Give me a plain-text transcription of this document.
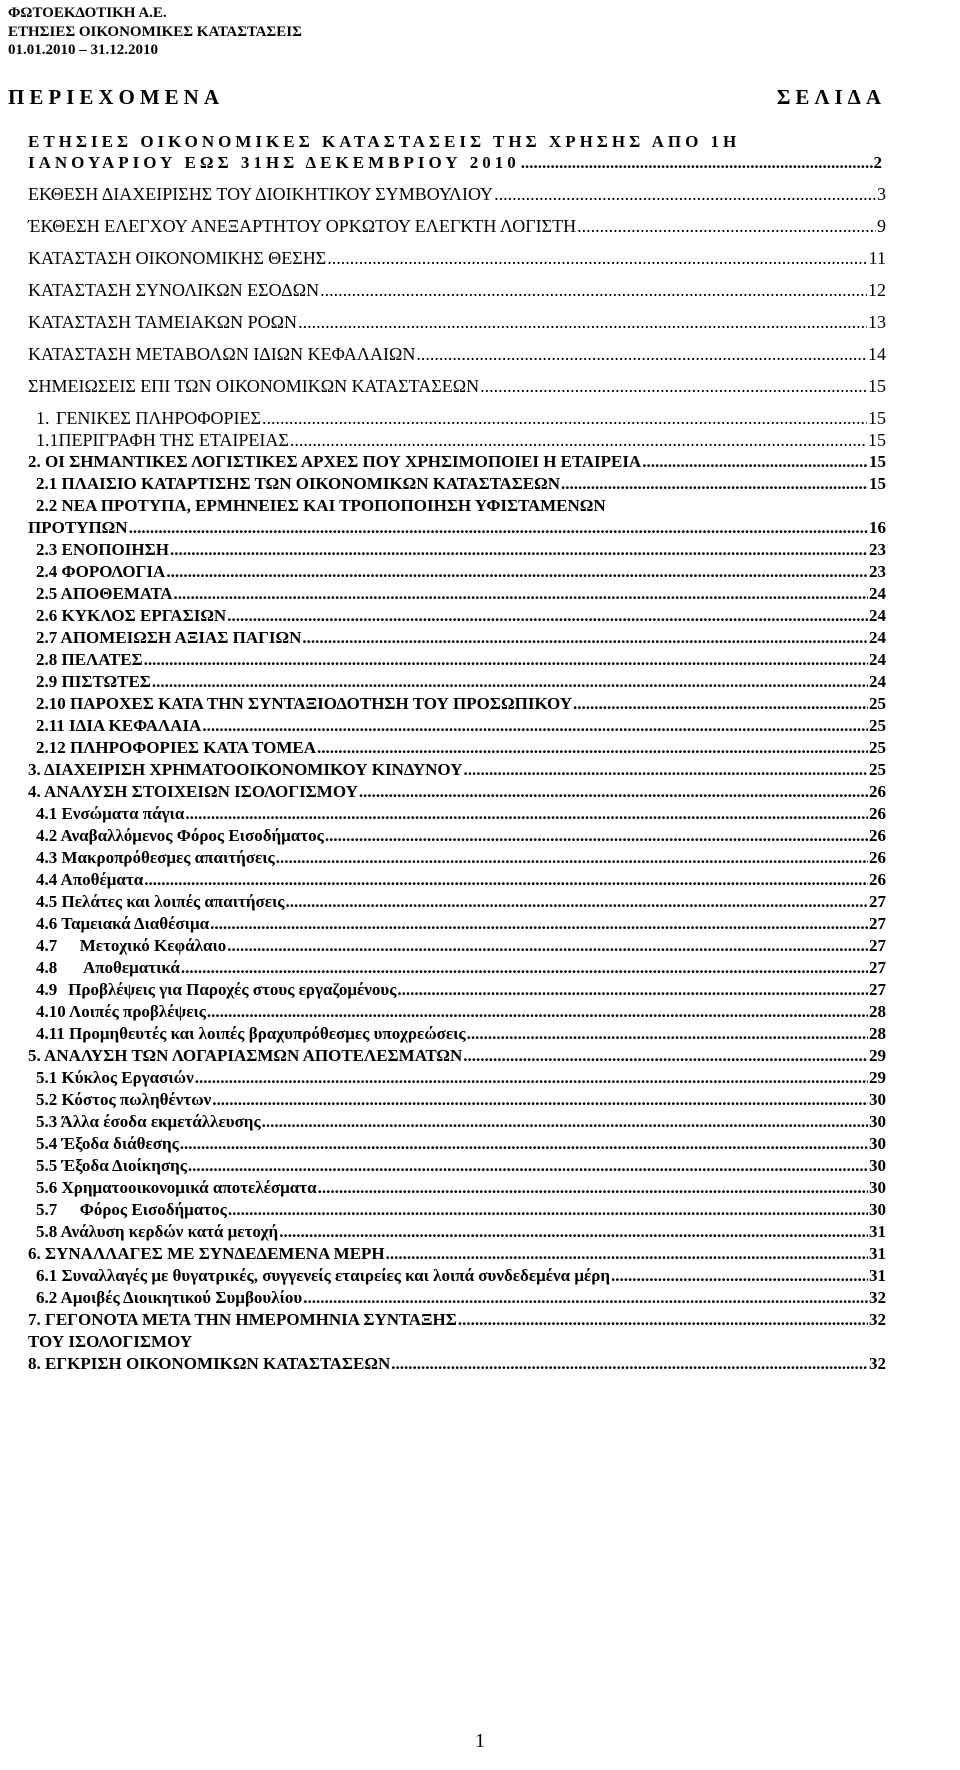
ΦΩΤΟΕΚΔΟΤΙΚΗ Α.Ε.
ΕΤΗΣΙΕΣ ΟΙΚΟΝΟΜΙΚΕΣ ΚΑΤΑΣΤΑΣΕΙΣ
01.01.2010 – 31.12.2010
ΠΕΡΙΕΧΟΜΕΝΑ	ΣΕΛΙΔΑ
ΕΤΗΣΙΕΣ ΟΙΚΟΝΟΜΙΚΕΣ ΚΑΤΑΣΤΑΣΕΙΣ ΤΗΣ ΧΡΗΣΗΣ ΑΠΟ 1Η
ΙΑΝΟΥΑΡΙΟΥ ΕΩΣ 31ΗΣ ΔΕΚΕΜΒΡΙΟΥ 2010 .....	2
ΕΚΘΕΣΗ ΔΙΑΧΕΙΡΙΣΗΣ ΤΟΥ ΔΙΟΙΚΗΤΙΚΟΥ ΣΥΜΒΟΥΛΙΟΥ .....	3
ΈΚΘΕΣΗ ΕΛΕΓΧΟΥ ΑΝΕΞΑΡΤΗΤΟΥ ΟΡΚΩΤΟΥ ΕΛΕΓΚΤΗ ΛΟΓΙΣΤΗ .....	9
ΚΑΤΑΣΤΑΣΗ ΟΙΚΟΝΟΜΙΚΗΣ ΘΕΣΗΣ .....	11
ΚΑΤΑΣΤΑΣΗ ΣΥΝΟΛΙΚΩΝ ΕΣΟΔΩΝ .....	12
ΚΑΤΑΣΤΑΣΗ ΤΑΜΕΙΑΚΩΝ ΡΟΩΝ .....	13
ΚΑΤΑΣΤΑΣΗ ΜΕΤΑΒΟΛΩΝ ΙΔΙΩΝ ΚΕΦΑΛΑΙΩΝ .....	14
ΣΗΜΕΙΩΣΕΙΣ ΕΠΙ ΤΩΝ ΟΙΚΟΝΟΜΙΚΩΝ ΚΑΤΑΣΤΑΣΕΩΝ .....	15
1. ΓΕΝΙΚΕΣ ΠΛΗΡΟΦΟΡΙΕΣ .....	15
1.1 ΠΕΡΙΓΡΑΦΗ ΤΗΣ ΕΤΑΙΡΕΙΑΣ .....	15
2. ΟΙ ΣΗΜΑΝΤΙΚΕΣ ΛΟΓΙΣΤΙΚΕΣ ΑΡΧΕΣ ΠΟΥ ΧΡΗΣΙΜΟΠΟΙΕΙ Η ΕΤΑΙΡΕΙΑ .....	15
2.1 ΠΛΑΙΣΙΟ ΚΑΤΑΡΤΙΣΗΣ ΤΩΝ ΟΙΚΟΝΟΜΙΚΩΝ ΚΑΤΑΣΤΑΣΕΩΝ .....	15
2.2 ΝΕΑ ΠΡΟΤΥΠΑ, ΕΡΜΗΝΕΙΕΣ ΚΑΙ ΤΡΟΠΟΠΟΙΗΣΗ ΥΦΙΣΤΑΜΕΝΩΝ
ΠΡΟΤΥΠΩΝ .....	16
2.3 ΕΝΟΠΟΙΗΣΗ .....	23
2.4 ΦΟΡΟΛΟΓΙΑ .....	23
2.5 ΑΠΟΘΕΜΑΤΑ .....	24
2.6 ΚΥΚΛΟΣ ΕΡΓΑΣΙΩΝ .....	24
2.7 ΑΠΟΜΕΙΩΣΗ ΑΞΙΑΣ ΠΑΓΙΩΝ .....	24
2.8 ΠΕΛΑΤΕΣ .....	24
2.9 ΠΙΣΤΩΤΕΣ .....	24
2.10 ΠΑΡΟΧΕΣ ΚΑΤΑ ΤΗΝ ΣΥΝΤΑΞΙΟΔΟΤΗΣΗ ΤΟΥ ΠΡΟΣΩΠΙΚΟΥ .....	25
2.11 ΙΔΙΑ ΚΕΦΑΛΑΙΑ .....	25
2.12 ΠΛΗΡΟΦΟΡΙΕΣ ΚΑΤΑ ΤΟΜΕΑ .....	25
3. ΔΙΑΧΕΙΡΙΣΗ ΧΡΗΜΑΤΟΟΙΚΟΝΟΜΙΚΟΥ ΚΙΝΔΥΝΟΥ .....	25
4. ΑΝΑΛΥΣΗ ΣΤΟΙΧΕΙΩΝ ΙΣΟΛΟΓΙΣΜΟΥ .....	26
4.1 Ενσώματα πάγια .....	26
4.2 Αναβαλλόμενος Φόρος Εισοδήματος .....	26
4.3 Μακροπρόθεσμες απαιτήσεις .....	26
4.4 Αποθέματα .....	26
4.5 Πελάτες και λοιπές απαιτήσεις .....	27
4.6 Ταμειακά Διαθέσιμα .....	27
4.7	Μετοχικό Κεφάλαιο .....	27
4.8	Αποθεματικά .....	27
4.9 Προβλέψεις για Παροχές στους εργαζομένους .....	27
4.10 Λοιπές προβλέψεις .....	28
4.11 Προμηθευτές και λοιπές βραχυπρόθεσμες υποχρεώσεις .....	28
5. ΑΝΑΛΥΣΗ ΤΩΝ ΛΟΓΑΡΙΑΣΜΩΝ ΑΠΟΤΕΛΕΣΜΑΤΩΝ .....	29
5.1 Κύκλος Εργασιών .....	29
5.2 Κόστος πωληθέντων .....	30
5.3 Άλλα έσοδα εκμετάλλευσης .....	30
5.4 Έξοδα διάθεσης .....	30
5.5 Έξοδα Διοίκησης .....	30
5.6 Χρηματοοικονομικά αποτελέσματα .....	30
5.7	Φόρος Εισοδήματος .....	30
5.8 Ανάλυση κερδών κατά μετοχή .....	31
6. ΣΥΝΑΛΛΑΓΕΣ ΜΕ ΣΥΝΔΕΔΕΜΕΝΑ ΜΕΡΗ .....	31
6.1 Συναλλαγές με θυγατρικές, συγγενείς εταιρείες και λοιπά συνδεδεμένα μέρη .....	31
6.2 Αμοιβές Διοικητικού Συμβουλίου .....	32
7. ΓΕΓΟΝΟΤΑ ΜΕΤΑ ΤΗΝ ΗΜΕΡΟΜΗΝΙΑ ΣΥΝΤΑΞΗΣ .....	32
ΤΟΥ ΙΣΟΛΟΓΙΣΜΟΥ
8. ΕΓΚΡΙΣΗ ΟΙΚΟΝΟΜΙΚΩΝ ΚΑΤΑΣΤΑΣΕΩΝ .....	32
1
